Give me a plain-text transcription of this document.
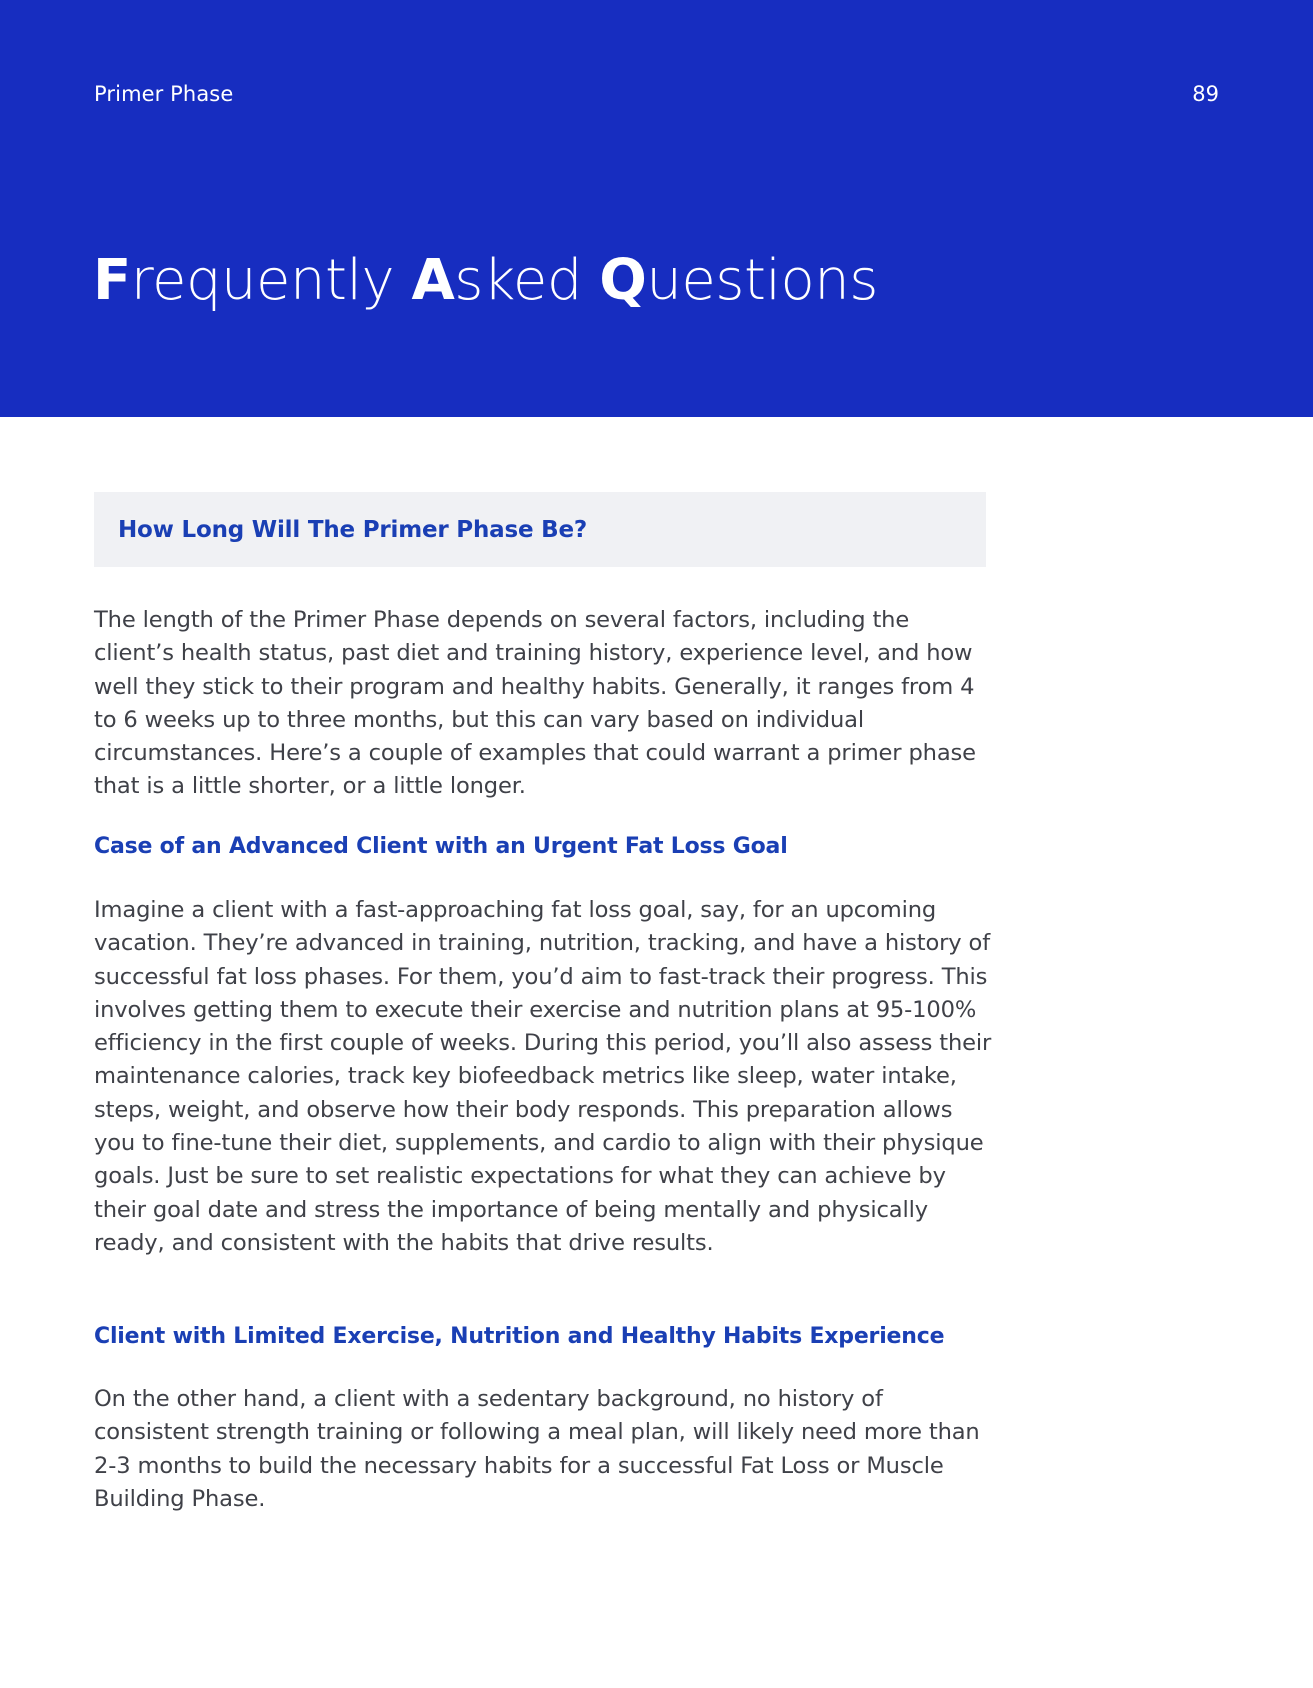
Primer Phase	89
Frequently Asked Questions
How Long Will The Primer Phase Be?

The length of the Primer Phase depends on several factors, including the client’s health status, past diet and training history, experience level, and how well they stick to their program and healthy habits. Generally, it ranges from 4 to 6 weeks up to three months, but this can vary based on individual circumstances. Here’s a couple of examples that could warrant a primer phase that is a little shorter, or a little longer.

Case of an Advanced Client with an Urgent Fat Loss Goal

Imagine a client with a fast-approaching fat loss goal, say, for an upcoming vacation. They’re advanced in training, nutrition, tracking, and have a history of successful fat loss phases. For them, you’d aim to fast-track their progress. This involves getting them to execute their exercise and nutrition plans at 95-100% efficiency in the first couple of weeks. During this period, you’ll also assess their maintenance calories, track key biofeedback metrics like sleep, water intake, steps, weight, and observe how their body responds. This preparation allows you to fine-tune their diet, supplements, and cardio to align with their physique goals. Just be sure to set realistic expectations for what they can achieve by their goal date and stress the importance of being mentally and physically ready, and consistent with the habits that drive results.

Client with Limited Exercise, Nutrition and Healthy Habits Experience

On the other hand, a client with a sedentary background, no history of consistent strength training or following a meal plan, will likely need more than 2-3 months to build the necessary habits for a successful Fat Loss or Muscle Building Phase.
